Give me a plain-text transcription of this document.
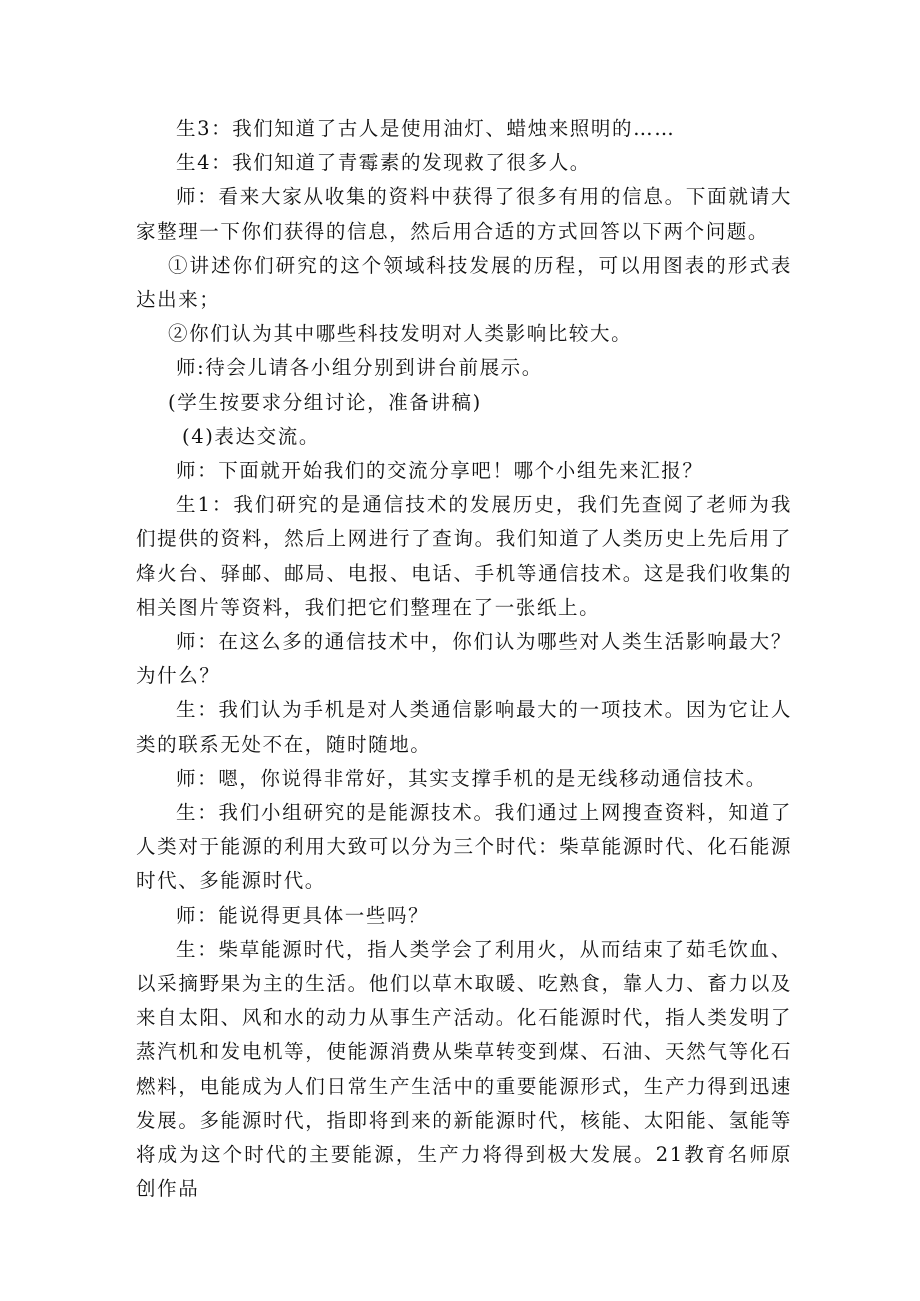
生3：我们知道了古人是使用油灯、蜡烛来照明的……

生4：我们知道了青霉素的发现救了很多人。

师：看来大家从收集的资料中获得了很多有用的信息。下面就请大家整理一下你们获得的信息，然后用合适的方式回答以下两个问题。

①讲述你们研究的这个领域科技发展的历程，可以用图表的形式表达出来；

②你们认为其中哪些科技发明对人类影响比较大。

师:待会儿请各小组分别到讲台前展示。

(学生按要求分组讨论，准备讲稿)

(4)表达交流。

师：下面就开始我们的交流分享吧！哪个小组先来汇报？

生1：我们研究的是通信技术的发展历史，我们先查阅了老师为我们提供的资料，然后上网进行了查询。我们知道了人类历史上先后用了烽火台、驿邮、邮局、电报、电话、手机等通信技术。这是我们收集的相关图片等资料，我们把它们整理在了一张纸上。

师：在这么多的通信技术中，你们认为哪些对人类生活影响最大？为什么？

生：我们认为手机是对人类通信影响最大的一项技术。因为它让人类的联系无处不在，随时随地。

师：嗯，你说得非常好，其实支撑手机的是无线移动通信技术。

生：我们小组研究的是能源技术。我们通过上网搜查资料，知道了人类对于能源的利用大致可以分为三个时代：柴草能源时代、化石能源时代、多能源时代。

师：能说得更具体一些吗？

生：柴草能源时代，指人类学会了利用火，从而结束了茹毛饮血、以采摘野果为主的生活。他们以草木取暖、吃熟食，靠人力、畜力以及来自太阳、风和水的动力从事生产活动。化石能源时代，指人类发明了蒸汽机和发电机等，使能源消费从柴草转变到煤、石油、天然气等化石燃料，电能成为人们日常生产生活中的重要能源形式，生产力得到迅速发展。多能源时代，指即将到来的新能源时代，核能、太阳能、氢能等将成为这个时代的主要能源，生产力将得到极大发展。21教育名师原创作品
